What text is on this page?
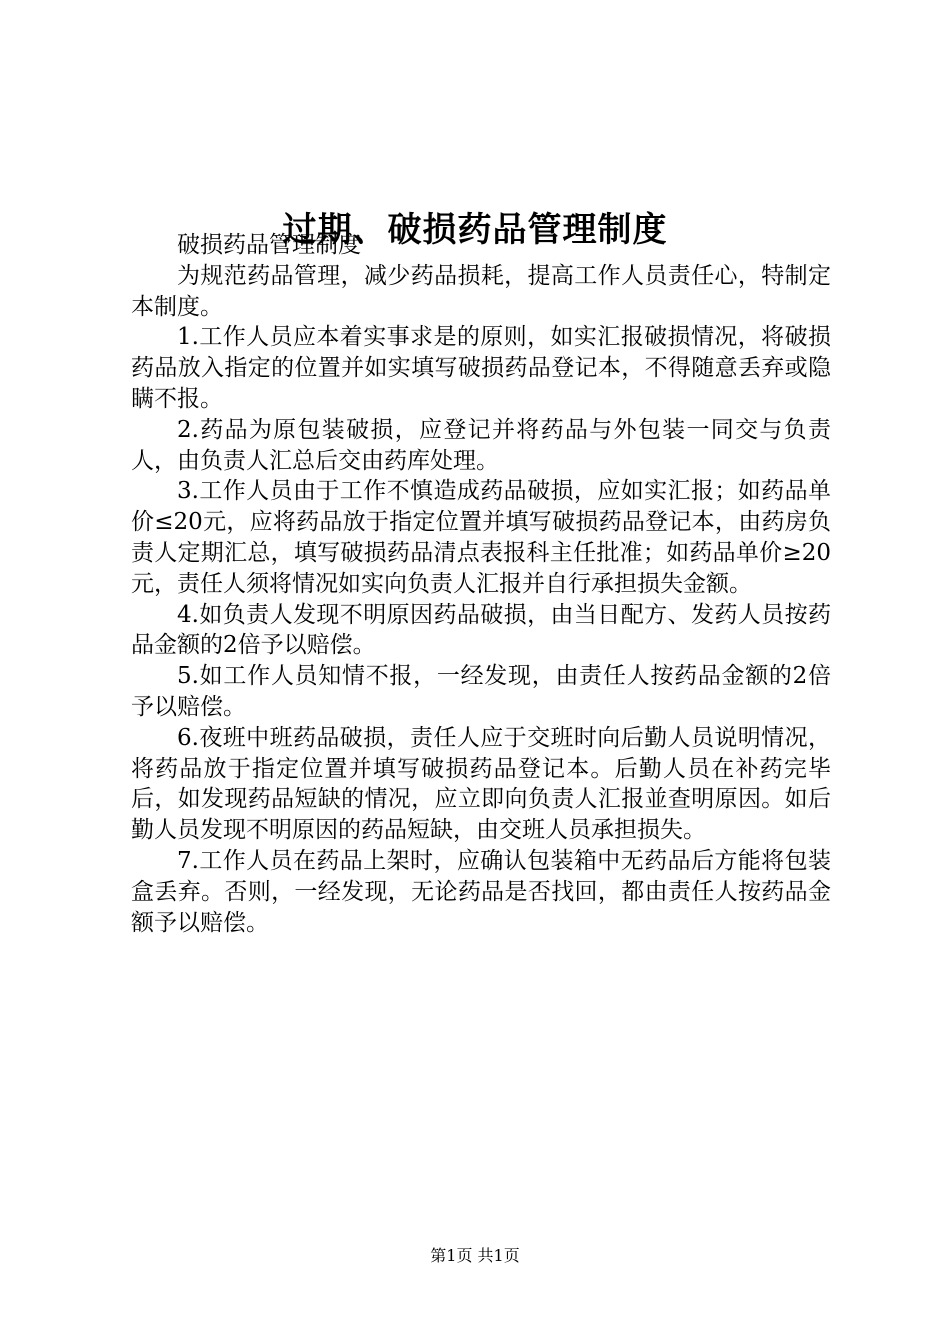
过期、破损药品管理制度

破损药品管理制度

为规范药品管理，减少药品损耗，提高工作人员责任心，特制定本制度。

1.工作人员应本着实事求是的原则，如实汇报破损情况，将破损药品放入指定的位置并如实填写破损药品登记本，不得随意丢弃或隐瞒不报。

2.药品为原包装破损，应登记并将药品与外包装一同交与负责人，由负责人汇总后交由药库处理。

3.工作人员由于工作不慎造成药品破损，应如实汇报；如药品单价≤20元，应将药品放于指定位置并填写破损药品登记本，由药房负责人定期汇总，填写破损药品清点表报科主任批准；如药品单价≥20元，责任人须将情况如实向负责人汇报并自行承担损失金额。

4.如负责人发现不明原因药品破损，由当日配方、发药人员按药品金额的2倍予以赔偿。

5.如工作人员知情不报，一经发现，由责任人按药品金额的2倍予以赔偿。

6.夜班中班药品破损，责任人应于交班时向后勤人员说明情况，将药品放于指定位置并填写破损药品登记本。后勤人员在补药完毕后，如发现药品短缺的情况，应立即向负责人汇报並查明原因。如后勤人员发现不明原因的药品短缺，由交班人员承担损失。

7.工作人员在药品上架时，应确认包装箱中无药品后方能将包装盒丢弃。否则，一经发现，无论药品是否找回，都由责任人按药品金额予以赔偿。

第1页 共1页
